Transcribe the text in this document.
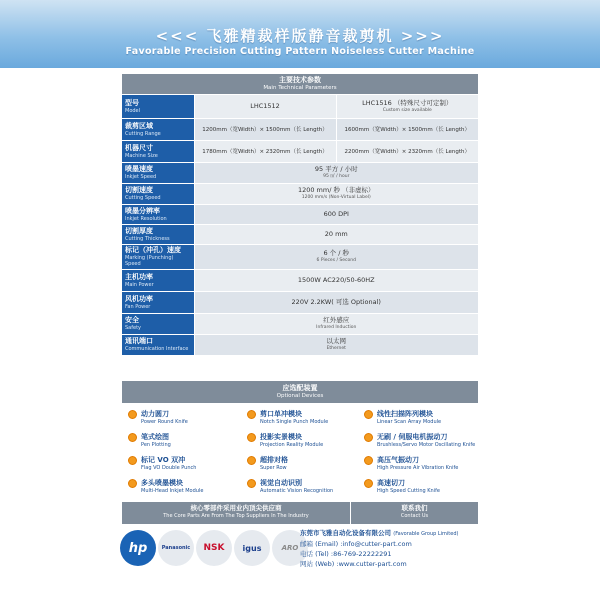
<<< 飞雅精裁样版静音裁剪机 >>>
Favorable Precision Cutting Pattern Noiseless Cutter Machine
主要技术参数
Main Technical Parameters		

型号
Model	LHC1512	LHC1516 （特殊尺寸可定制）
Custom size available

裁剪区域
Cutting Range	1200mm（宽Width）× 1500mm（长 Length）	1600mm（宽Width）× 1500mm（长 Length）

机器尺寸
Machine Size	1780mm（宽Width）× 2320mm（长 Length）	2200mm（宽Width）× 2320mm（长 Length）

喷墨速度
Inkjet Speed	95 平方 / 小时
95 ㎡ / hour	

切割速度
Cutting Speed	1200 mm/ 秒 （非虚标）
1200 mm/s (Non-Virtual Label)	

喷墨分辨率
Inkjet Resolution	600 DPI	

切割厚度
Cutting Thickness	20 mm	

标记（冲孔）速度
Marking (Punching) Speed	6 个 / 秒
6 Pieces / Second	

主机功率
Main Power	1500W AC220/50-60HZ	

风机功率
Fan Power	220V 2.2KW( 可选 Optional)	

安全
Safety	红外感应
Infrared Induction	

通讯端口
Communication Interface	以太网
Ethernet	
应选配装置
Optional Devices
动力圆刀
Power Round Knife
笔式绘图
Pen Plotting
标记 VO 双冲
Flag VO Double Punch
多头喷墨模块
Multi-Head Inkjet Module
剪口单冲模块
Notch Single Punch Module
投影实景模块
Projection Reality Module
超排对格
Super Row
视觉自动识别
Automatic Vision Recognition
线性扫描阵列模块
Linear Scan Array Module
无刷 / 伺服电机振动刀
Brushless/Servo Motor Oscillating Knife
高压气振动刀
High Pressure Air Vibration Knife
高速切刀
High Speed Cutting Knife
核心零部件采用业内顶尖供应商
The Core Parts Are From The Top Suppliers In The Industry
联系我们
Contact Us
hp	Panasonic	NSK	igus	ARO
东莞市飞雅自动化设备有限公司 (Favorable Group Limited)
邮箱 (Email) :info@cutter-part.com
电话 (Tel) :86-769-22222291
网站 (Web) :www.cutter-part.com
